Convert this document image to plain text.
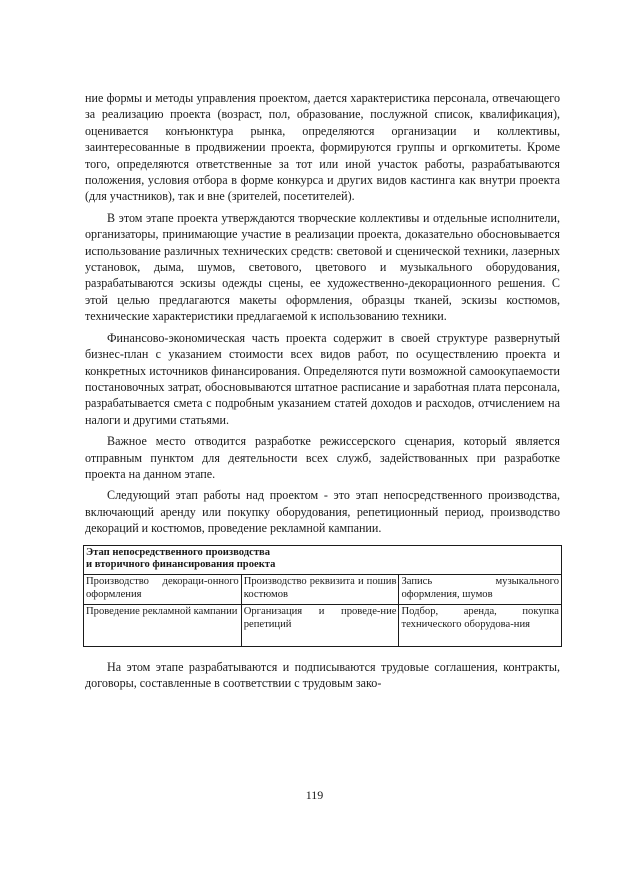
ние формы и методы управления проектом, дается характеристика персонала, отвечающего за реализацию проекта (возраст, пол, образование, послужной список, квалификация), оценивается конъюнктура рынка, определяются организации и коллективы, заинтересованные в продвижении проекта, формируются группы и оргкомитеты. Кроме того, определяются ответственные за тот или иной участок работы, разрабатываются положения, условия отбора в форме конкурса и других видов кастинга как внутри проекта (для участников), так и вне (зрителей, посетителей).

В этом этапе проекта утверждаются творческие коллективы и отдельные исполнители, организаторы, принимающие участие в реализации проекта, доказательно обосновывается использование различных технических средств: световой и сценической техники, лазерных установок, дыма, шумов, светового, цветового и музыкального оборудования, разрабатываются эскизы одежды сцены, ее художественно-декорационного решения. С этой целью предлагаются макеты оформления, образцы тканей, эскизы костюмов, технические характеристики предлагаемой к использованию техники.

Финансово-экономическая часть проекта содержит в своей структуре развернутый бизнес-план с указанием стоимости всех видов работ, по осуществлению проекта и конкретных источников финансирования. Определяются пути возможной самоокупаемости постановочных затрат, обосновываются штатное расписание и заработная плата персонала, разрабатывается смета с подробным указанием статей доходов и расходов, отчислением на налоги и другими статьями.

Важное место отводится разработке режиссерского сценария, который является отправным пунктом для деятельности всех служб, задействованных при разработке проекта на данном этапе.

Следующий этап работы над проектом - это этап непосредственного производства, включающий аренду или покупку оборудования, репетиционный период, производство декораций и костюмов, проведение рекламной кампании.

Этап непосредственного производства
и вторичного финансирования проекта		

Производство декораци-онного оформления	Производство реквизита и пошив костюмов	Запись музыкального оформления, шумов
Проведение рекламной кампании	Организация и проведе-ние репетиций	Подбор, аренда, покупка технического оборудова-ния

На этом этапе разрабатываются и подписываются трудовые соглашения, контракты, договоры, составленные в соответствии с трудовым зако-

119
